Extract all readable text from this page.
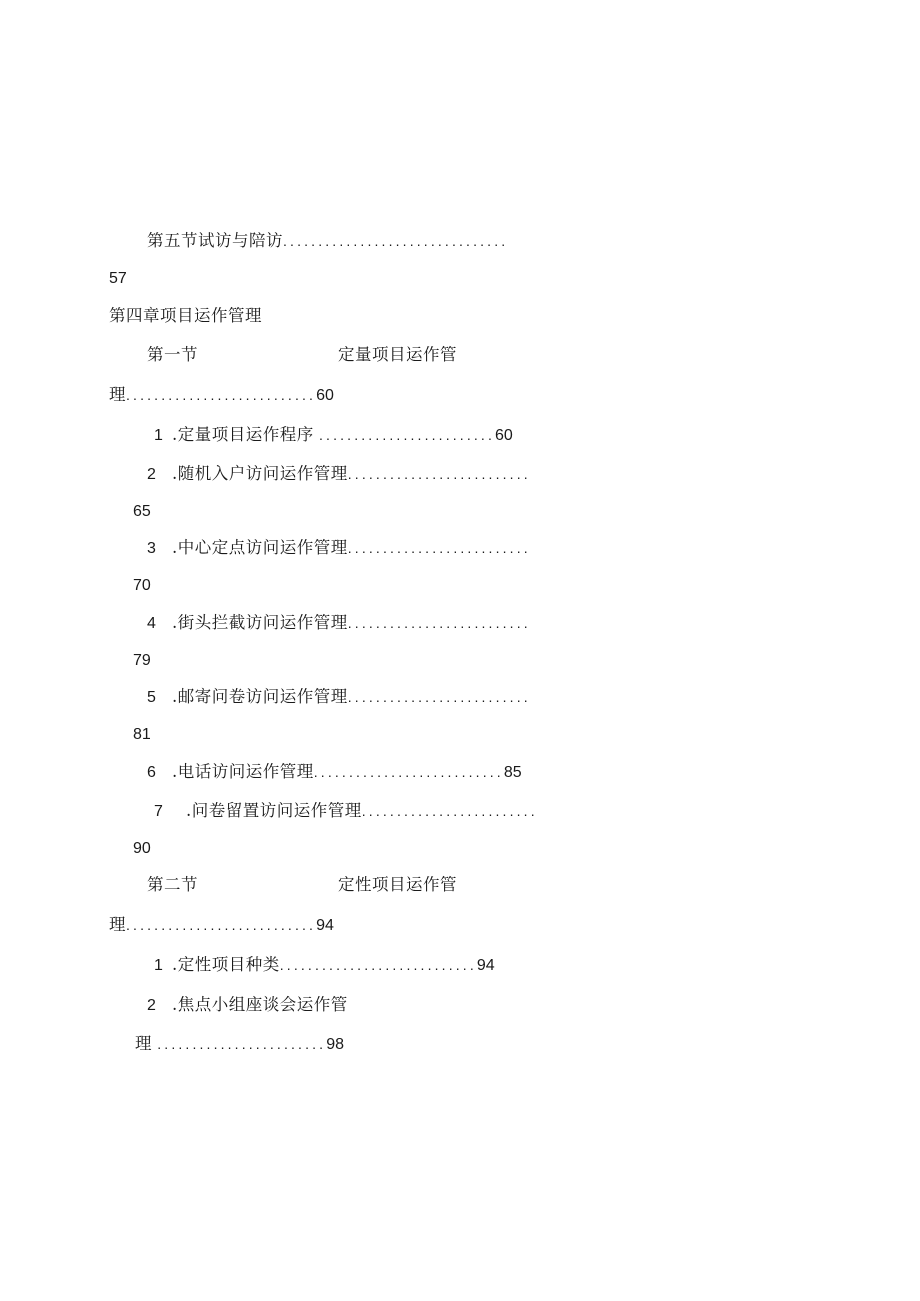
第五节试访与陪访................................
57
第四章项目运作管理
第一节	定量项目运作管
理...........................60
1 .定量项目运作程序 .........................60
2 .随机入户访问运作管理..........................
65
3 .中心定点访问运作管理..........................
70
4 .街头拦截访问运作管理..........................
79
5 .邮寄问卷访问运作管理..........................
81
6 .电话访问运作管理...........................85
7 .问卷留置访问运作管理.........................
90
第二节	定性项目运作管
理...........................94
1 .定性项目种类............................94
2 .焦点小组座谈会运作管
理 ........................98
